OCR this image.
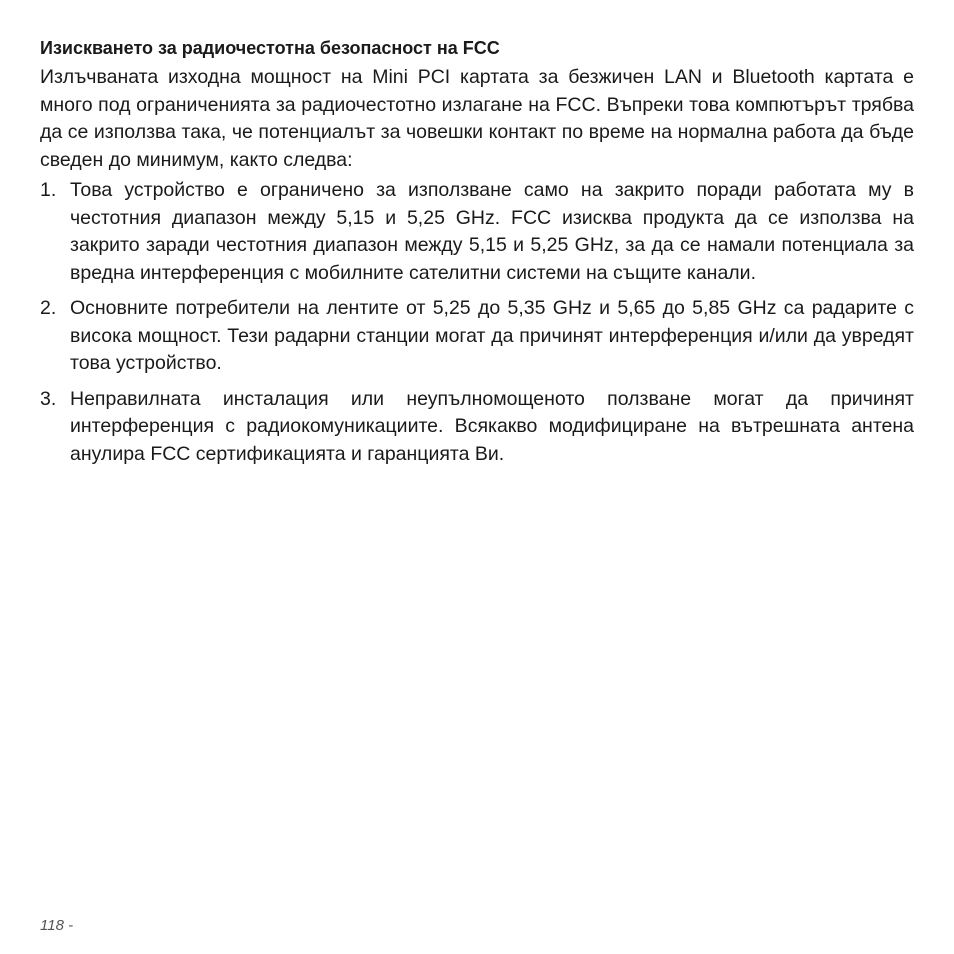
Изискването за радиочестотна безопасност на FCC
Излъчваната изходна мощност на Mini PCI картата за безжичен LAN и Bluetooth картата е много под ограниченията за радиочестотно излагане на FCC. Въпреки това компютърът трябва да се използва така, че потенциалът за човешки контакт по време на нормална работа да бъде сведен до минимум, както следва:
1. Това устройство е ограничено за използване само на закрито поради работата му в честотния диапазон между 5,15 и 5,25 GHz. FCC изисква продукта да се използва на закрито заради честотния диапазон между 5,15 и 5,25 GHz, за да се намали потенциала за вредна интерференция с мобилните сателитни системи на същите канали.
2. Основните потребители на лентите от 5,25 до 5,35 GHz и 5,65 до 5,85 GHz са радарите с висока мощност. Тези радарни станции могат да причинят интерференция и/или да увредят това устройство.
3. Неправилната инсталация или неупълномощеното ползване могат да причинят интерференция с радиокомуникациите. Всякакво модифициране на вътрешната антена анулира FCC сертификацията и гаранцията Ви.
118 -
